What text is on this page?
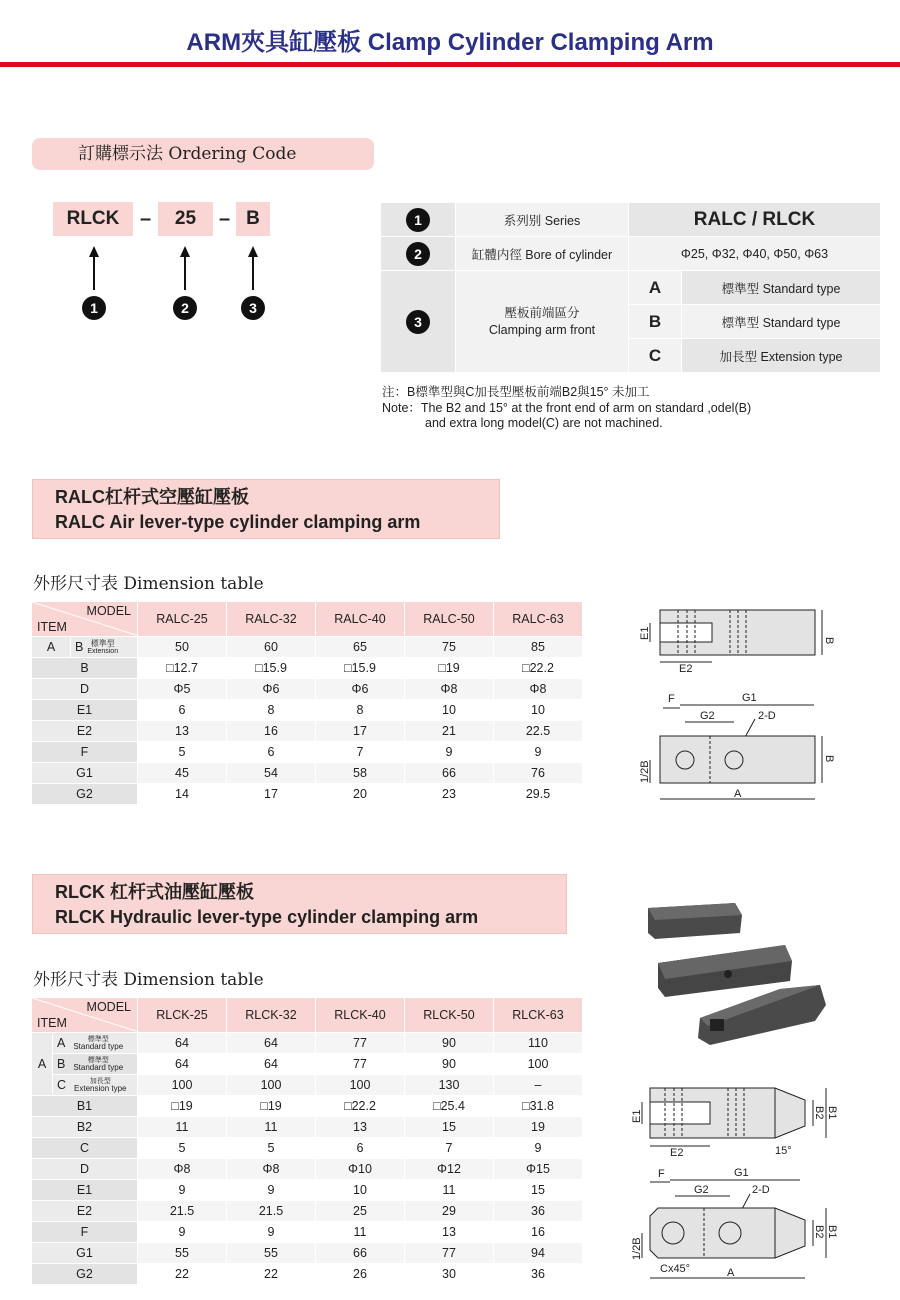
ARM夾具缸壓板 Clamp Cylinder Clamping Arm
訂購標示法 Ordering Code
RLCK	–	25	– B
1	2	3
1	系列别 Series	RALC / RLCK	

2	缸體内徑 Bore of cylinder	Φ25, Φ32, Φ40, Φ50, Φ63	

3	壓板前端區分
Clamping arm front	A	標準型 Standard type
		B	標準型 Standard type
		C	加長型 Extension type
注：B標準型與C加長型壓板前端B2與15° 未加工
Note：The B2 and 15° at the front end of arm on standard ,odel(B)
and extra long model(C) are not machined.
RALC杠杆式空壓缸壓板
RALC Air lever-type cylinder clamping arm
外形尺寸表 Dimension table
MODEL
ITEM		RALC-25	RALC-32	RALC-40	RALC-50	RALC-63
A	B 標準型
Extension	50	60	65	75	85
B		□12.7	□15.9	□15.9	□19	□22.2
D		Φ5	Φ6	Φ6	Φ8	Φ8
E1		6	8	8	10	10
E2		13	16	17	21	22.5
F		5	6	7	9	9
G1		45	54	58	66	76
G2		14	17	20	23	29.5
B
E1
E2
F	G1
G2	2-D
B
1/2B
A
RLCK 杠杆式油壓缸壓板
RLCK Hydraulic lever-type cylinder clamping arm
外形尺寸表 Dimension table
MODEL
ITEM		RLCK-25	RLCK-32	RLCK-40	RLCK-50	RLCK-63
A	A 標準型
Standard type	64	64	77	90	110

	B 標準型
Standard type	64	64	77	90	100

	C 加長型
Extension type	100	100	100	130	–
B1		□19	□19	□22.2	□25.4	□31.8
B2		11	11	13	15	19
C		5	5	6	7	9
D		Φ8	Φ8	Φ10	Φ12	Φ15
E1		9	9	10	11	15
E2		21.5	21.5	25	29	36
F		9	9	11	13	16
G1		55	55	66	77	94
G2		22	22	26	30	36
E1
E2	15°
B2 B1
F	G1
G2	2-D
1/2B
B2 B1
Cx45°	A
